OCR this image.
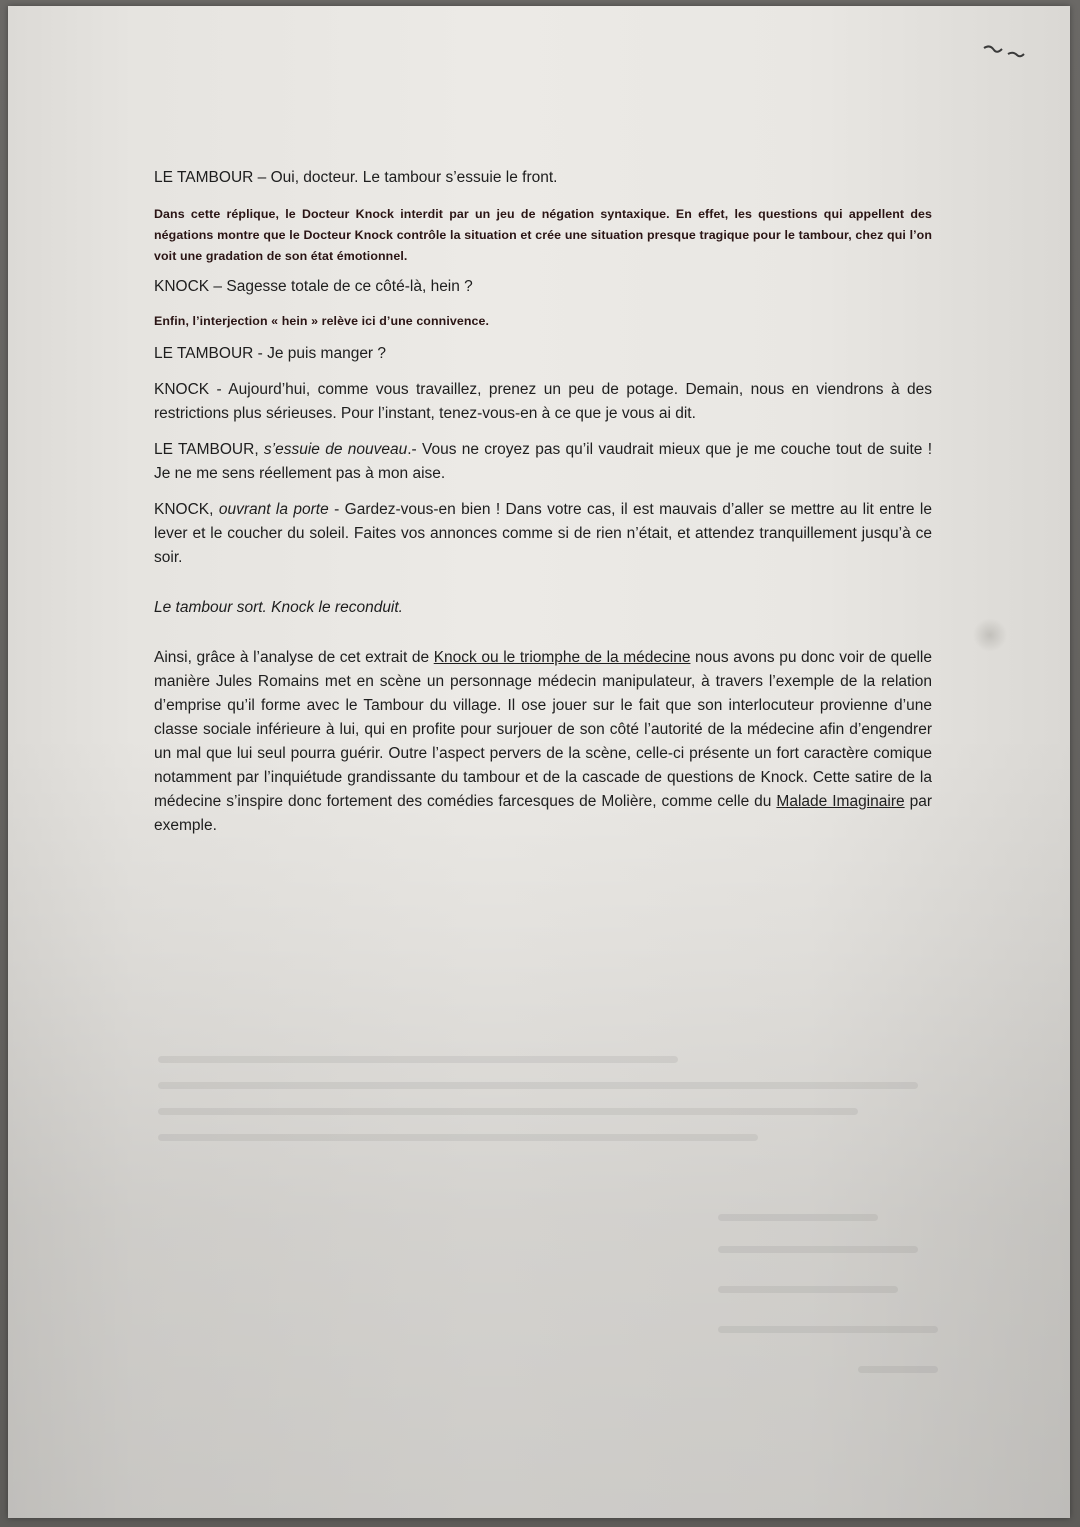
LE TAMBOUR – Oui, docteur. Le tambour s’essuie le front.

Dans cette réplique, le Docteur Knock interdit par un jeu de négation syntaxique. En effet, les questions qui appellent des négations montre que le Docteur Knock contrôle la situation et crée une situation presque tragique pour le tambour, chez qui l’on voit une gradation de son état émotionnel.

KNOCK – Sagesse totale de ce côté-là, hein ?

Enfin, l’interjection « hein » relève ici d’une connivence.

LE TAMBOUR - Je puis manger ?

KNOCK - Aujourd’hui, comme vous travaillez, prenez un peu de potage. Demain, nous en viendrons à des restrictions plus sérieuses. Pour l’instant, tenez-vous-en à ce que je vous ai dit.

LE TAMBOUR, s’essuie de nouveau.- Vous ne croyez pas qu’il vaudrait mieux que je me couche tout de suite ! Je ne me sens réellement pas à mon aise.

KNOCK, ouvrant la porte - Gardez-vous-en bien ! Dans votre cas, il est mauvais d’aller se mettre au lit entre le lever et le coucher du soleil. Faites vos annonces comme si de rien n’était, et attendez tranquillement jusqu’à ce soir.

Le tambour sort. Knock le reconduit.

Ainsi, grâce à l’analyse de cet extrait de Knock ou le triomphe de la médecine nous avons pu donc voir de quelle manière Jules Romains met en scène un personnage médecin manipulateur, à travers l’exemple de la relation d’emprise qu’il forme avec le Tambour du village. Il ose jouer sur le fait que son interlocuteur provienne d’une classe sociale inférieure à lui, qui en profite pour surjouer de son côté l’autorité de la médecine afin d’engendrer un mal que lui seul pourra guérir. Outre l’aspect pervers de la scène, celle-ci présente un fort caractère comique notamment par l’inquiétude grandissante du tambour et de la cascade de questions de Knock. Cette satire de la médecine s’inspire donc fortement des comédies farcesques de Molière, comme celle du Malade Imaginaire par exemple.
